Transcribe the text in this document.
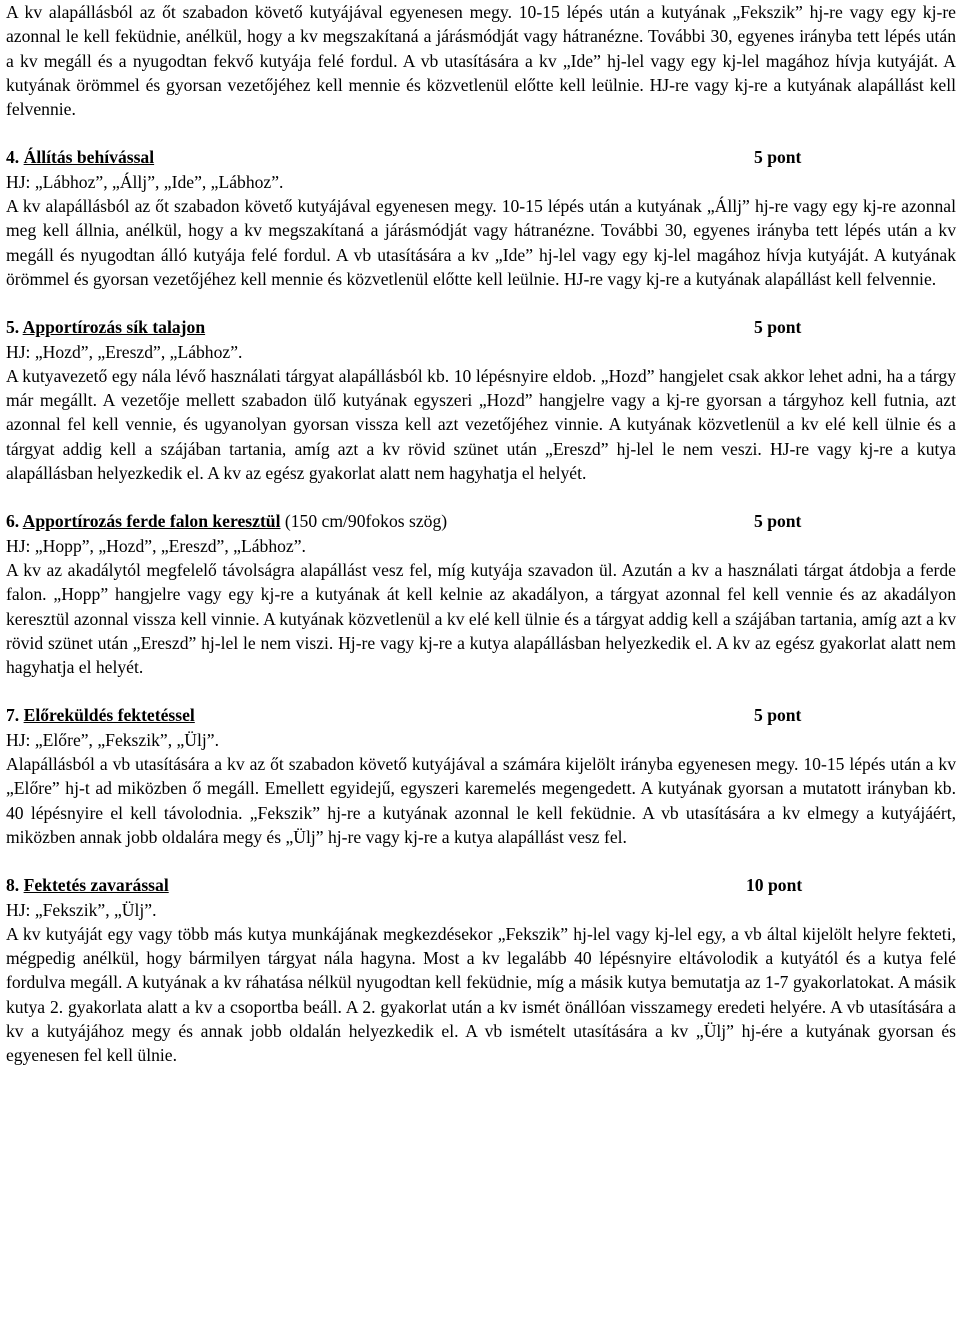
A kv alapállásból az őt szabadon követő kutyájával egyenesen megy. 10-15 lépés után a kutyának „Fekszik” hj-re vagy egy kj-re azonnal le kell feküdnie, anélkül, hogy a kv megszakítaná a járásmódját vagy hátranézne. További 30, egyenes irányba tett lépés után a kv megáll és a nyugodtan fekvő kutyája felé fordul. A vb utasítására a kv „Ide” hj-lel vagy egy kj-lel magához hívja kutyáját. A kutyának örömmel és gyorsan vezetőjéhez kell mennie és közvetlenül előtte kell leülnie. HJ-re vagy kj-re a kutyának alapállást kell felvennie.

4. Állítás behívással	5 pont

HJ: „Lábhoz”, „Állj”, „Ide”, „Lábhoz”.

A kv alapállásból az őt szabadon követő kutyájával egyenesen megy. 10-15 lépés után a kutyának „Állj” hj-re vagy egy kj-re azonnal meg kell állnia, anélkül, hogy a kv megszakítaná a járásmódját vagy hátranézne. További 30, egyenes irányba tett lépés után a kv megáll és nyugodtan álló kutyája felé fordul. A vb utasítására a kv „Ide” hj-lel vagy egy kj-lel magához hívja kutyáját. A kutyának örömmel és gyorsan vezetőjéhez kell mennie és közvetlenül előtte kell leülnie. HJ-re vagy kj-re a kutyának alapállást kell felvennie.

5. Apportírozás sík talajon	5 pont

HJ: „Hozd”, „Ereszd”, „Lábhoz”.

A kutyavezető egy nála lévő használati tárgyat alapállásból kb. 10 lépésnyire eldob. „Hozd” hangjelet csak akkor lehet adni, ha a tárgy már megállt. A vezetője mellett szabadon ülő kutyának egyszeri „Hozd” hangjelre vagy a kj-re gyorsan a tárgyhoz kell futnia, azt azonnal fel kell vennie, és ugyanolyan gyorsan vissza kell azt vezetőjéhez vinnie. A kutyának közvetlenül a kv elé kell ülnie és a tárgyat addig kell a szájában tartania, amíg azt a kv rövid szünet után „Ereszd” hj-lel le nem veszi. HJ-re vagy kj-re a kutya alapállásban helyezkedik el. A kv az egész gyakorlat alatt nem hagyhatja el helyét.

6. Apportírozás ferde falon keresztül (150 cm/90fokos szög)	5 pont

HJ: „Hopp”, „Hozd”, „Ereszd”, „Lábhoz”.

A kv az akadálytól megfelelő távolságra alapállást vesz fel, míg kutyája szavadon ül. Azután a kv a használati tárgat átdobja a ferde falon. „Hopp” hangjelre vagy egy kj-re a kutyának át kell kelnie az akadályon, a tárgyat azonnal fel kell vennie és az akadályon keresztül azonnal vissza kell vinnie. A kutyának közvetlenül a kv elé kell ülnie és a tárgyat addig kell a szájában tartania, amíg azt a kv rövid szünet után „Ereszd” hj-lel le nem viszi. Hj-re vagy kj-re a kutya alapállásban helyezkedik el. A kv az egész gyakorlat alatt nem hagyhatja el helyét.

7. Előreküldés fektetéssel	5 pont

HJ: „Előre”, „Fekszik”, „Ülj”.

Alapállásból a vb utasítására a kv az őt szabadon követő kutyájával a számára kijelölt irányba egyenesen megy. 10-15 lépés után a kv „Előre” hj-t ad miközben ő megáll. Emellett egyidejű, egyszeri karemelés megengedett. A kutyának gyorsan a mutatott irányban kb. 40 lépésnyire el kell távolodnia. „Fekszik” hj-re a kutyának azonnal le kell feküdnie. A vb utasítására a kv elmegy a kutyájáért, miközben annak jobb oldalára megy és „Ülj” hj-re vagy kj-re a kutya alapállást vesz fel.

8. Fektetés zavarással	10 pont

HJ: „Fekszik”, „Ülj”.

A kv kutyáját egy vagy több más kutya munkájának megkezdésekor „Fekszik” hj-lel vagy kj-lel egy, a vb által kijelölt helyre fekteti, mégpedig anélkül, hogy bármilyen tárgyat nála hagyna. Most a kv legalább 40 lépésnyire eltávolodik a kutyától és a kutya felé fordulva megáll. A kutyának a kv ráhatása nélkül nyugodtan kell feküdnie, míg a másik kutya bemutatja az 1-7 gyakorlatokat. A másik kutya 2. gyakorlata alatt a kv a csoportba beáll. A 2. gyakorlat után a kv ismét önállóan visszamegy eredeti helyére. A vb utasítására a kv a kutyájához megy és annak jobb oldalán helyezkedik el. A vb ismételt utasítására a kv „Ülj” hj-ére a kutyának gyorsan és egyenesen fel kell ülnie.
